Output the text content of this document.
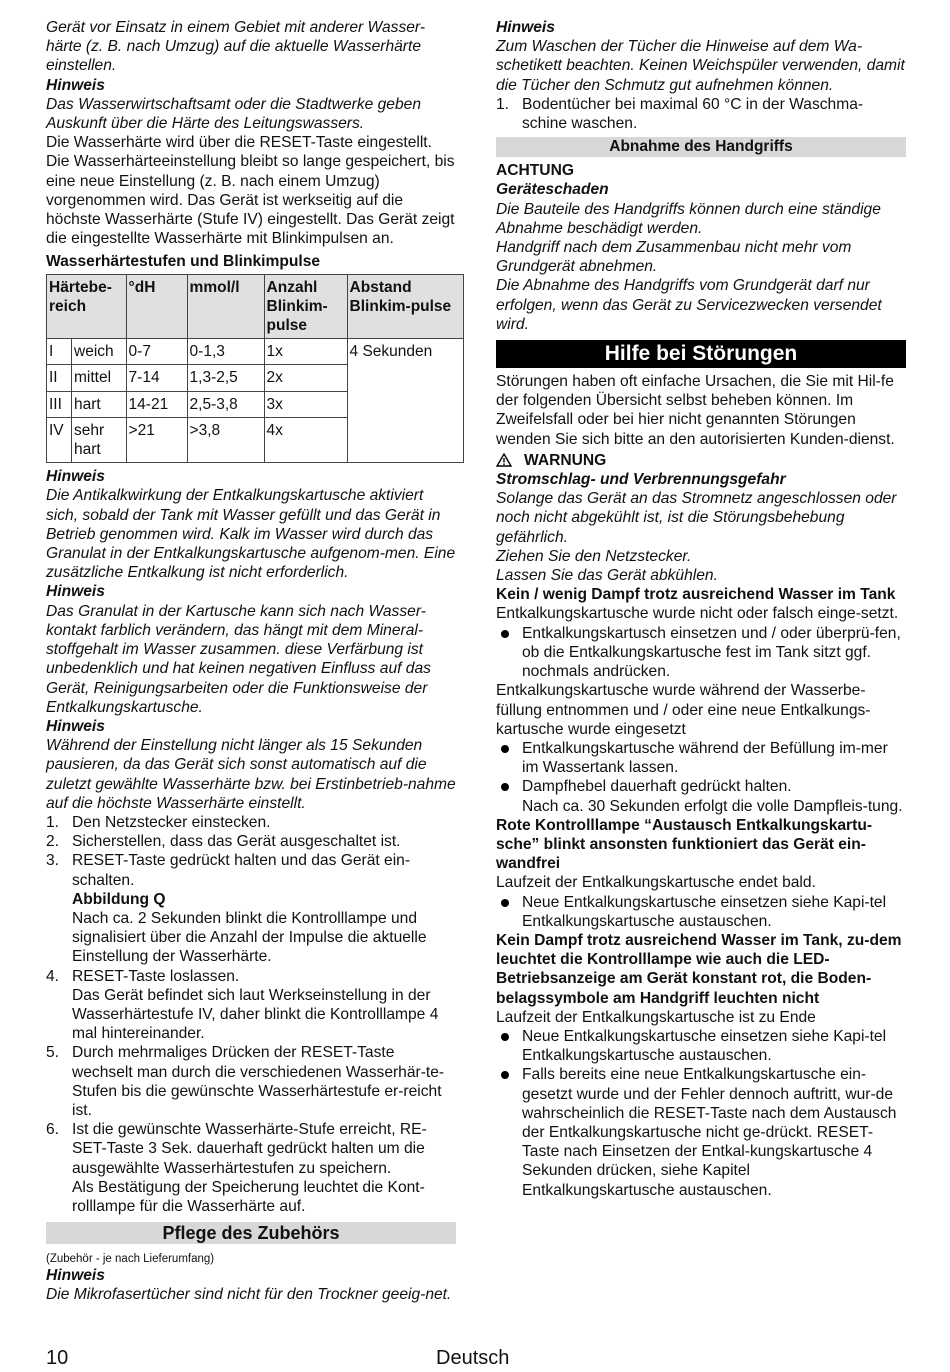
Gerät vor Einsatz in einem Gebiet mit anderer Wasser-härte (z. B. nach Umzug) auf die aktuelle Wasserhärte einstellen.

Hinweis

Das Wasserwirtschaftsamt oder die Stadtwerke geben Auskunft über die Härte des Leitungswassers.

Die Wasserhärte wird über die RESET-Taste eingestellt. Die Wasserhärteeinstellung bleibt so lange gespeichert, bis eine neue Einstellung (z. B. nach einem Umzug) vorgenommen wird. Das Gerät ist werkseitig auf die höchste Wasserhärte (Stufe IV) eingestellt. Das Gerät zeigt die eingestellte Wasserhärte mit Blinkimpulsen an.

Wasserhärtestufen und Blinkimpulse

Härtebe-reich		°dH	mmol/l	Anzahl Blinkim-pulse	Abstand Blinkim-pulse
I	weich	0-7	0-1,3	1x	4 Sekunden
II	mittel	7-14	1,3-2,5	2x	
III	hart	14-21	2,5-3,8	3x	
IV	sehr hart	>21	>3,8	4x	

Hinweis

Die Antikalkwirkung der Entkalkungskartusche aktiviert sich, sobald der Tank mit Wasser gefüllt und das Gerät in Betrieb genommen wird. Kalk im Wasser wird durch das Granulat in der Entkalkungskartusche aufgenom-men. Eine zusätzliche Entkalkung ist nicht erforderlich.

Hinweis

Das Granulat in der Kartusche kann sich nach Wasser-kontakt farblich verändern, das hängt mit dem Mineral-stoffgehalt im Wasser zusammen. diese Verfärbung ist unbedenklich und hat keinen negativen Einfluss auf das Gerät, Reinigungsarbeiten oder die Funktionsweise der Entkalkungskartusche.

Hinweis

Während der Einstellung nicht länger als 15 Sekunden pausieren, da das Gerät sich sonst automatisch auf die zuletzt gewählte Wasserhärte bzw. bei Erstinbetrieb-nahme auf die höchste Wasserhärte einstellt.

1. Den Netzstecker einstecken.
2. Sicherstellen, dass das Gerät ausgeschaltet ist.
3. RESET-Taste gedrückt halten und das Gerät ein-schalten.

Abbildung Q

Nach ca. 2 Sekunden blinkt die Kontrolllampe und signalisiert über die Anzahl der Impulse die aktuelle Einstellung der Wasserhärte.

4. RESET-Taste loslassen.

Das Gerät befindet sich laut Werkseinstellung in der Wasserhärtestufe IV, daher blinkt die Kontrolllampe 4 mal hintereinander.

5. Durch mehrmaliges Drücken der RESET-Taste wechselt man durch die verschiedenen Wasserhär-te-Stufen bis die gewünschte Wasserhärtestufe er-reicht ist.
6. Ist die gewünschte Wasserhärte-Stufe erreicht, RE-SET-Taste 3 Sek. dauerhaft gedrückt halten um die ausgewählte Wasserhärtestufen zu speichern.

Als Bestätigung der Speicherung leuchtet die Kont-rolllampe für die Wasserhärte auf.

Pflege des Zubehörs

(Zubehör - je nach Lieferumfang)

Hinweis

Die Mikrofasertücher sind nicht für den Trockner geeig-net.

Hinweis

Zum Waschen der Tücher die Hinweise auf dem Wa-schetikett beachten. Keinen Weichspüler verwenden, damit die Tücher den Schmutz gut aufnehmen können.

1. Bodentücher bei maximal 60 °C in der Waschma-schine waschen.
Abnahme des Handgriffs

ACHTUNG

Geräteschaden

Die Bauteile des Handgriffs können durch eine ständige Abnahme beschädigt werden.

Handgriff nach dem Zusammenbau nicht mehr vom Grundgerät abnehmen.

Die Abnahme des Handgriffs vom Grundgerät darf nur erfolgen, wenn das Gerät zu Servicezwecken versendet wird.

Hilfe bei Störungen

Störungen haben oft einfache Ursachen, die Sie mit Hil-fe der folgenden Übersicht selbst beheben können. Im Zweifelsfall oder bei hier nicht genannten Störungen wenden Sie sich bitte an den autorisierten Kunden-dienst.

WARNUNG

Stromschlag- und Verbrennungsgefahr

Solange das Gerät an das Stromnetz angeschlossen oder noch nicht abgekühlt ist, ist die Störungsbehebung gefährlich.

Ziehen Sie den Netzstecker.

Lassen Sie das Gerät abkühlen.

Kein / wenig Dampf trotz ausreichend Wasser im Tank

Entkalkungskartusche wurde nicht oder falsch einge-setzt.

Entkalkungskartusch einsetzen und / oder überprü-fen, ob die Entkalkungskartusche fest im Tank sitzt ggf. nochmals andrücken.

Entkalkungskartusche wurde während der Wasserbe-füllung entnommen und / oder eine neue Entkalkungs-kartusche wurde eingesetzt

Entkalkungskartusche während der Befüllung im-mer im Wassertank lassen.
Dampfhebel dauerhaft gedrückt halten.

Nach ca. 30 Sekunden erfolgt die volle Dampfleis-tung.

Rote Kontrolllampe “Austausch Entkalkungskartu-sche” blinkt ansonsten funktioniert das Gerät ein-wandfrei

Laufzeit der Entkalkungskartusche endet bald.

Neue Entkalkungskartusche einsetzen siehe Kapi-tel Entkalkungskartusche austauschen.

Kein Dampf trotz ausreichend Wasser im Tank, zu-dem leuchtet die Kontrolllampe wie auch die LED-Betriebsanzeige am Gerät konstant rot, die Boden-belagssymbole am Handgriff leuchten nicht

Laufzeit der Entkalkungskartusche ist zu Ende

Neue Entkalkungskartusche einsetzen siehe Kapi-tel Entkalkungskartusche austauschen.
Falls bereits eine neue Entkalkungskartusche ein-gesetzt wurde und der Fehler dennoch auftritt, wur-de wahrscheinlich die RESET-Taste nach dem Austausch der Entkalkungskartusche nicht ge-drückt. RESET-Taste nach Einsetzen der Entkal-kungskartusche 4 Sekunden drücken, siehe Kapitel Entkalkungskartusche austauschen.
10	Deutsch
